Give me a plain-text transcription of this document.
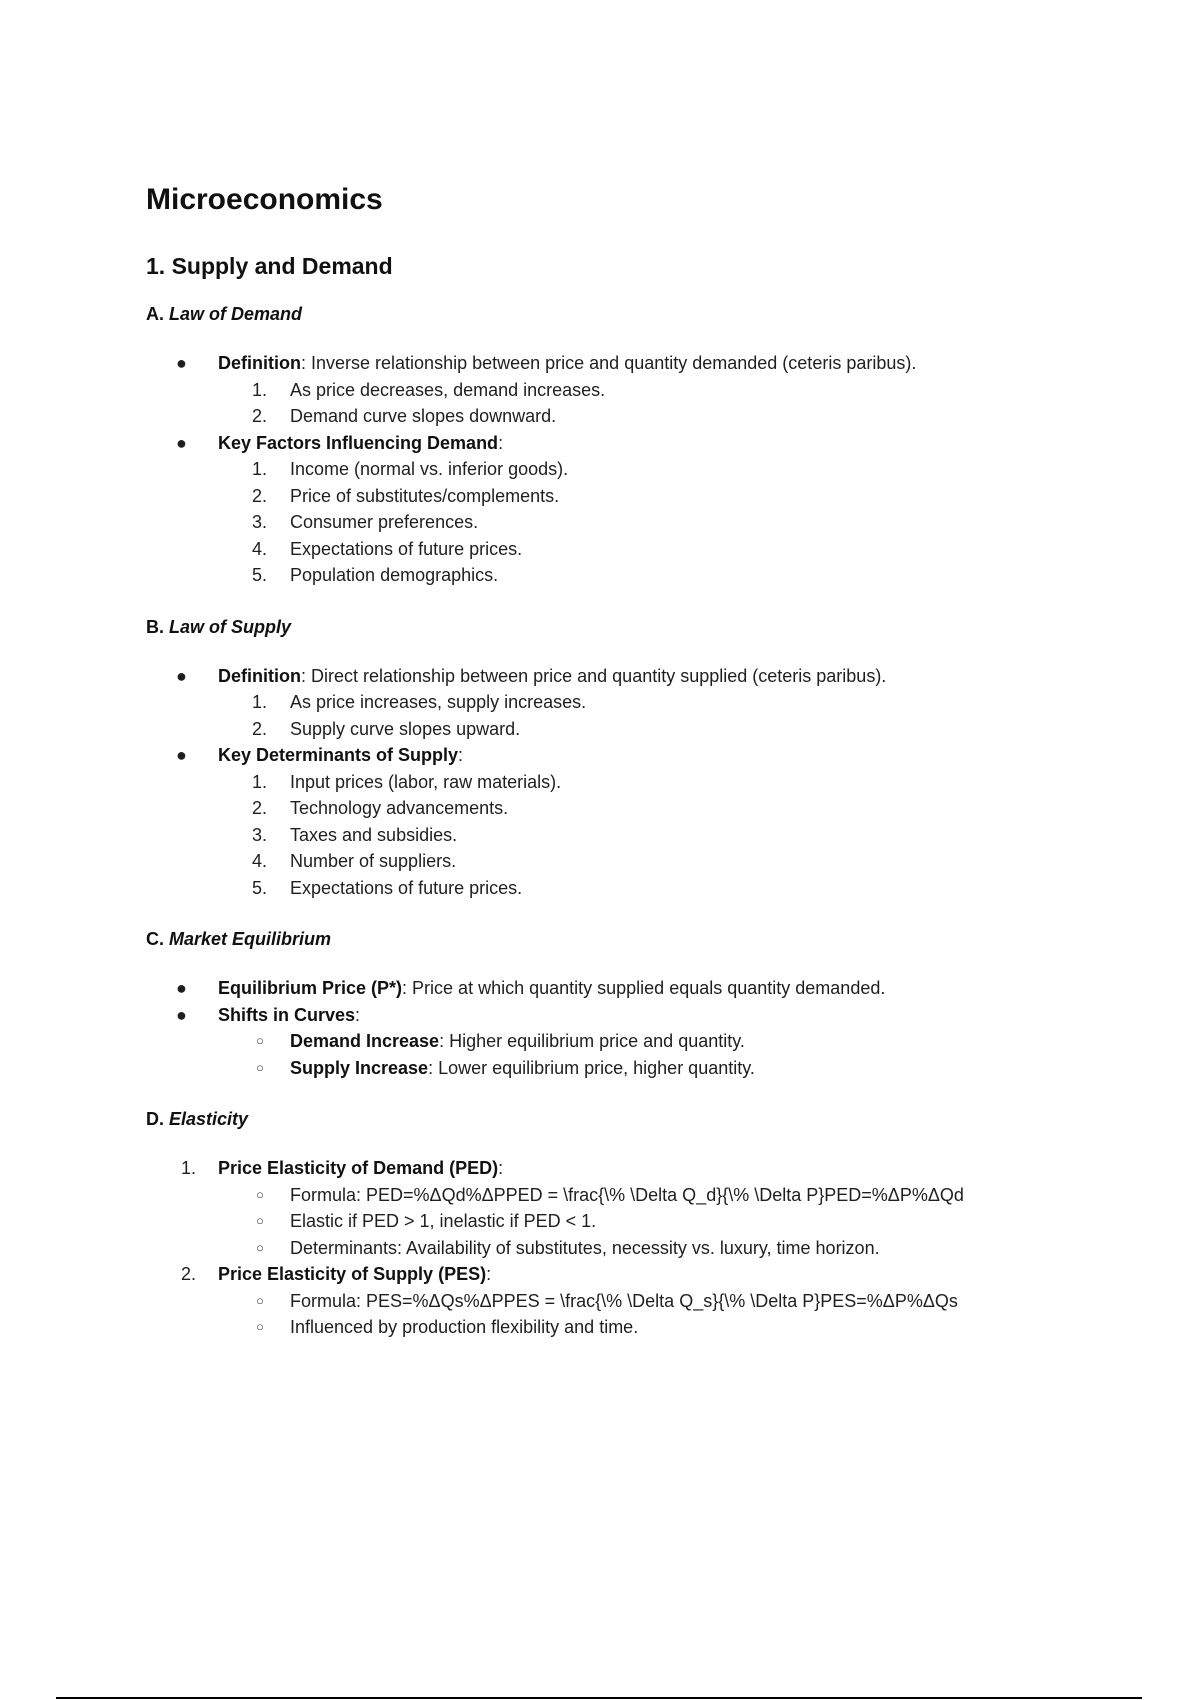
Microeconomics
1. Supply and Demand
A. Law of Demand
●	Definition: Inverse relationship between price and quantity demanded (ceteris paribus).
1.	As price decreases, demand increases.
2.	Demand curve slopes downward.
●	Key Factors Influencing Demand:
1.	Income (normal vs. inferior goods).
2.	Price of substitutes/complements.
3.	Consumer preferences.
4.	Expectations of future prices.
5.	Population demographics.
B. Law of Supply
●	Definition: Direct relationship between price and quantity supplied (ceteris paribus).
1.	As price increases, supply increases.
2.	Supply curve slopes upward.
●	Key Determinants of Supply:
1.	Input prices (labor, raw materials).
2.	Technology advancements.
3.	Taxes and subsidies.
4.	Number of suppliers.
5.	Expectations of future prices.
C. Market Equilibrium
●	Equilibrium Price (P*): Price at which quantity supplied equals quantity demanded.
●	Shifts in Curves:
○	Demand Increase: Higher equilibrium price and quantity.
○	Supply Increase: Lower equilibrium price, higher quantity.
D. Elasticity
1.	Price Elasticity of Demand (PED):
○	Formula: PED=%ΔQd%ΔPPED = \frac{\% \Delta Q_d}{\% \Delta P}PED=%ΔP%ΔQd
○	Elastic if PED > 1, inelastic if PED < 1.
○	Determinants: Availability of substitutes, necessity vs. luxury, time horizon.
2.	Price Elasticity of Supply (PES):
○	Formula: PES=%ΔQs%ΔPPES = \frac{\% \Delta Q_s}{\% \Delta P}PES=%ΔP%ΔQs
○	Influenced by production flexibility and time.
